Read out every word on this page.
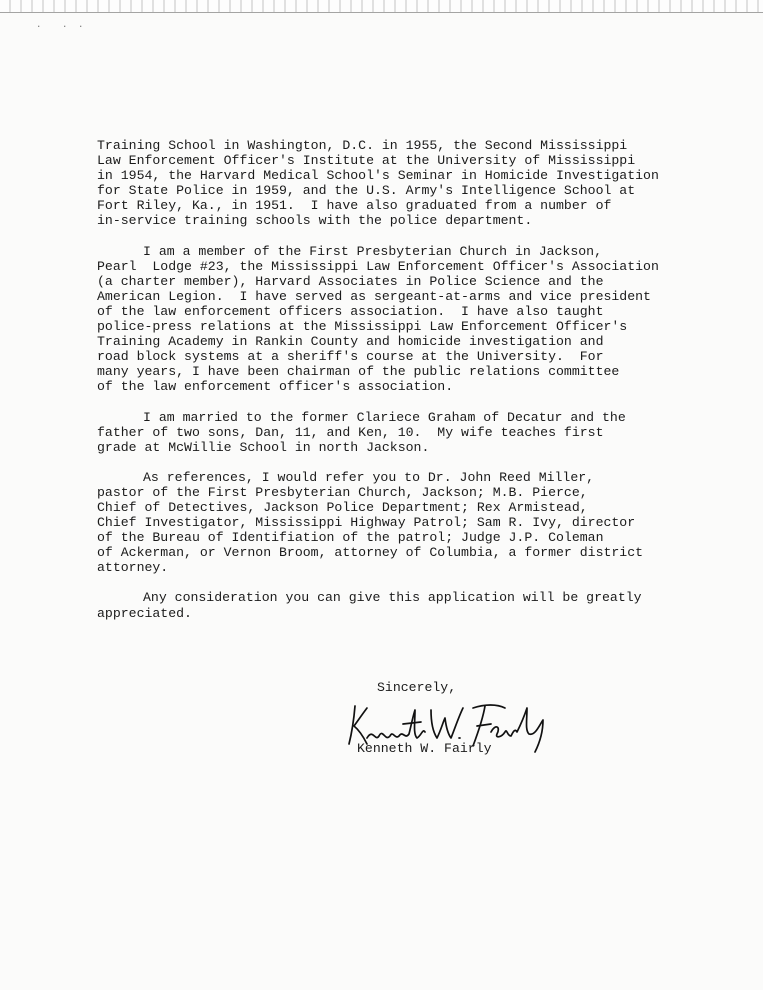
. . .
Training School in Washington, D.C. in 1955, the Second Mississippi
Law Enforcement Officer's Institute at the University of Mississippi
in 1954, the Harvard Medical School's Seminar in Homicide Investigation
for State Police in 1959, and the U.S. Army's Intelligence School at
Fort Riley, Ka., in 1951.  I have also graduated from a number of
in-service training schools with the police department.
I am a member of the First Presbyterian Church in Jackson,
Pearl  Lodge #23, the Mississippi Law Enforcement Officer's Association
(a charter member), Harvard Associates in Police Science and the
American Legion.  I have served as sergeant-at-arms and vice president
of the law enforcement officers association.  I have also taught
police-press relations at the Mississippi Law Enforcement Officer's
Training Academy in Rankin County and homicide investigation and
road block systems at a sheriff's course at the University.  For
many years, I have been chairman of the public relations committee
of the law enforcement officer's association.
I am married to the former Clariece Graham of Decatur and the
father of two sons, Dan, 11, and Ken, 10.  My wife teaches first
grade at McWillie School in north Jackson.
As references, I would refer you to Dr. John Reed Miller,
pastor of the First Presbyterian Church, Jackson; M.B. Pierce,
Chief of Detectives, Jackson Police Department; Rex Armistead,
Chief Investigator, Mississippi Highway Patrol; Sam R. Ivy, director
of the Bureau of Identifiation of the patrol; Judge J.P. Coleman
of Ackerman, or Vernon Broom, attorney of Columbia, a former district
attorney.
Any consideration you can give this application will be greatly
appreciated.
Sincerely,
Kenneth W. Fairly
